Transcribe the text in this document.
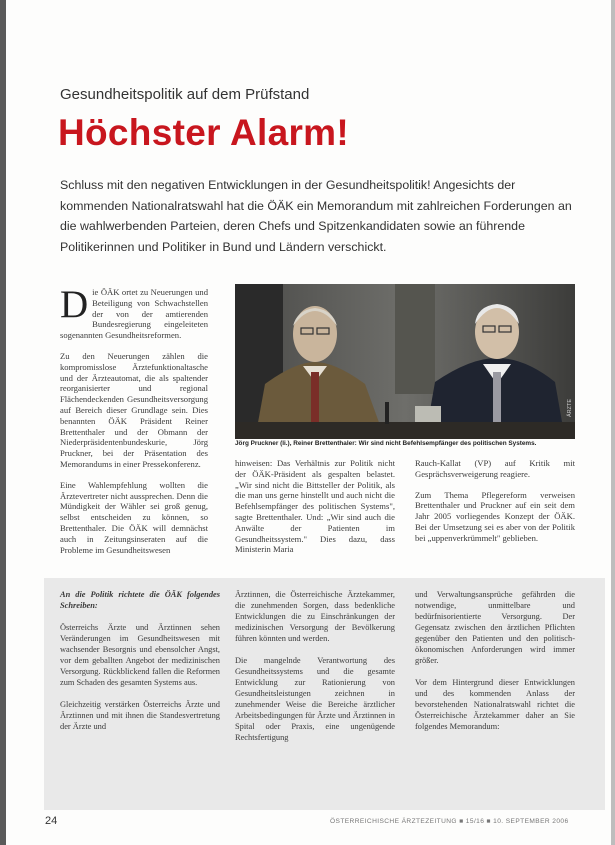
Gesundheitspolitik auf dem Prüfstand
Höchster Alarm!
Schluss mit den negativen Entwicklungen in der Gesundheitspolitik! Angesichts der kommenden Nationalratswahl hat die ÖÄK ein Memorandum mit zahlreichen Forderungen an die wahlwerbenden Parteien, deren Chefs und Spitzenkandidaten sowie an führende Politikerinnen und Politiker in Bund und Ländern verschickt.

Die ÖÄK ortet zu Neuerungen und Beteiligung von Schwachstellen der von der amtierenden Bundesregierung eingeleiteten sogenannten Gesundheitsreformen.

Zu den Neuerungen zählen die kompromisslose Ärztefunktionaltasche und der Ärzteautomat, die als spaltender reorganisierter und regional Flächendeckenden Gesundheitsversorgung auf Bereich dieser Grundlage sein. Dies benannten ÖÄK Präsident Reiner Brettenthaler und der Obmann der Niederpräsidentenbundeskurie, Jörg Pruckner, bei der Präsentation des Memorandums in einer Pressekonferenz.

Eine Wahlempfehlung wollten die Ärztevertreter nicht aussprechen. Denn die Mündigkeit der Wähler sei groß genug, selbst entscheiden zu können, so Brettenthaler. Die ÖÄK will demnächst auch in Zeitungsinseraten auf die Probleme im Gesundheitswesen

ÄRZTE
Jörg Pruckner (li.), Reiner Brettenthaler: Wir sind nicht Befehlsempfänger des politischen Systems.

hinweisen: Das Verhältnis zur Politik nicht der ÖÄK-Präsident als gespalten belastet. „Wir sind nicht die Bittsteller der Politik, als die man uns gerne hinstellt und auch nicht die Befehlsempfänger des politischen Systems", sagte Brettenthaler. Und: „Wir sind auch die Anwälte der Patienten im Gesundheitssystem." Dies dazu, dass Ministerin Maria

Rauch-Kallat (VP) auf Kritik mit Gesprächsverweigerung reagiere.

Zum Thema Pflegereform verweisen Brettenthaler und Pruckner auf ein seit dem Jahr 2005 vorliegendes Konzept der ÖÄK. Bei der Umsetzung sei es aber von der Politik bei „uppenverkrümmelt" geblieben.

An die Politik richtete die ÖÄK folgendes Schreiben:

Österreichs Ärzte und Ärztinnen sehen Veränderungen im Gesundheitswesen mit wachsender Besorgnis und ebensolcher Angst, vor dem geballten Angebot der medizinischen Versorgung. Rückblickend fallen die Reformen zum Schaden des gesamten Systems aus.

Gleichzeitig verstärken Österreichs Ärzte und Ärztinnen und mit ihnen die Standesvertretung der Ärzte und

Ärztinnen, die Österreichische Ärztekammer, die zunehmenden Sorgen, dass bedenkliche Entwicklungen die zu Einschränkungen der medizinischen Versorgung der Bevölkerung führen könnten und werden.

Die mangelnde Verantwortung des Gesundheitssystems und die gesamte Entwicklung zur Rationierung von Gesundheitsleistungen zeichnen in zunehmender Weise die Bereiche ärztlicher Arbeitsbedingungen für Ärzte und Ärztinnen in Spital oder Praxis, eine ungenügende Rechtsfertigung

und Verwaltungsansprüche gefährden die notwendige, unmittelbare und bedürfnisorientierte Versorgung. Der Gegensatz zwischen den ärztlichen Pflichten gegenüber den Patienten und den politisch-ökonomischen Anforderungen wird immer größer.

Vor dem Hintergrund dieser Entwicklungen und des kommenden Anlass der bevorstehenden Nationalratswahl richtet die Österreichische Ärztekammer daher an Sie folgendes Memorandum:

24	ÖSTERREICHISCHE ÄRZTEZEITUNG ■ 15/16 ■ 10. SEPTEMBER 2006
